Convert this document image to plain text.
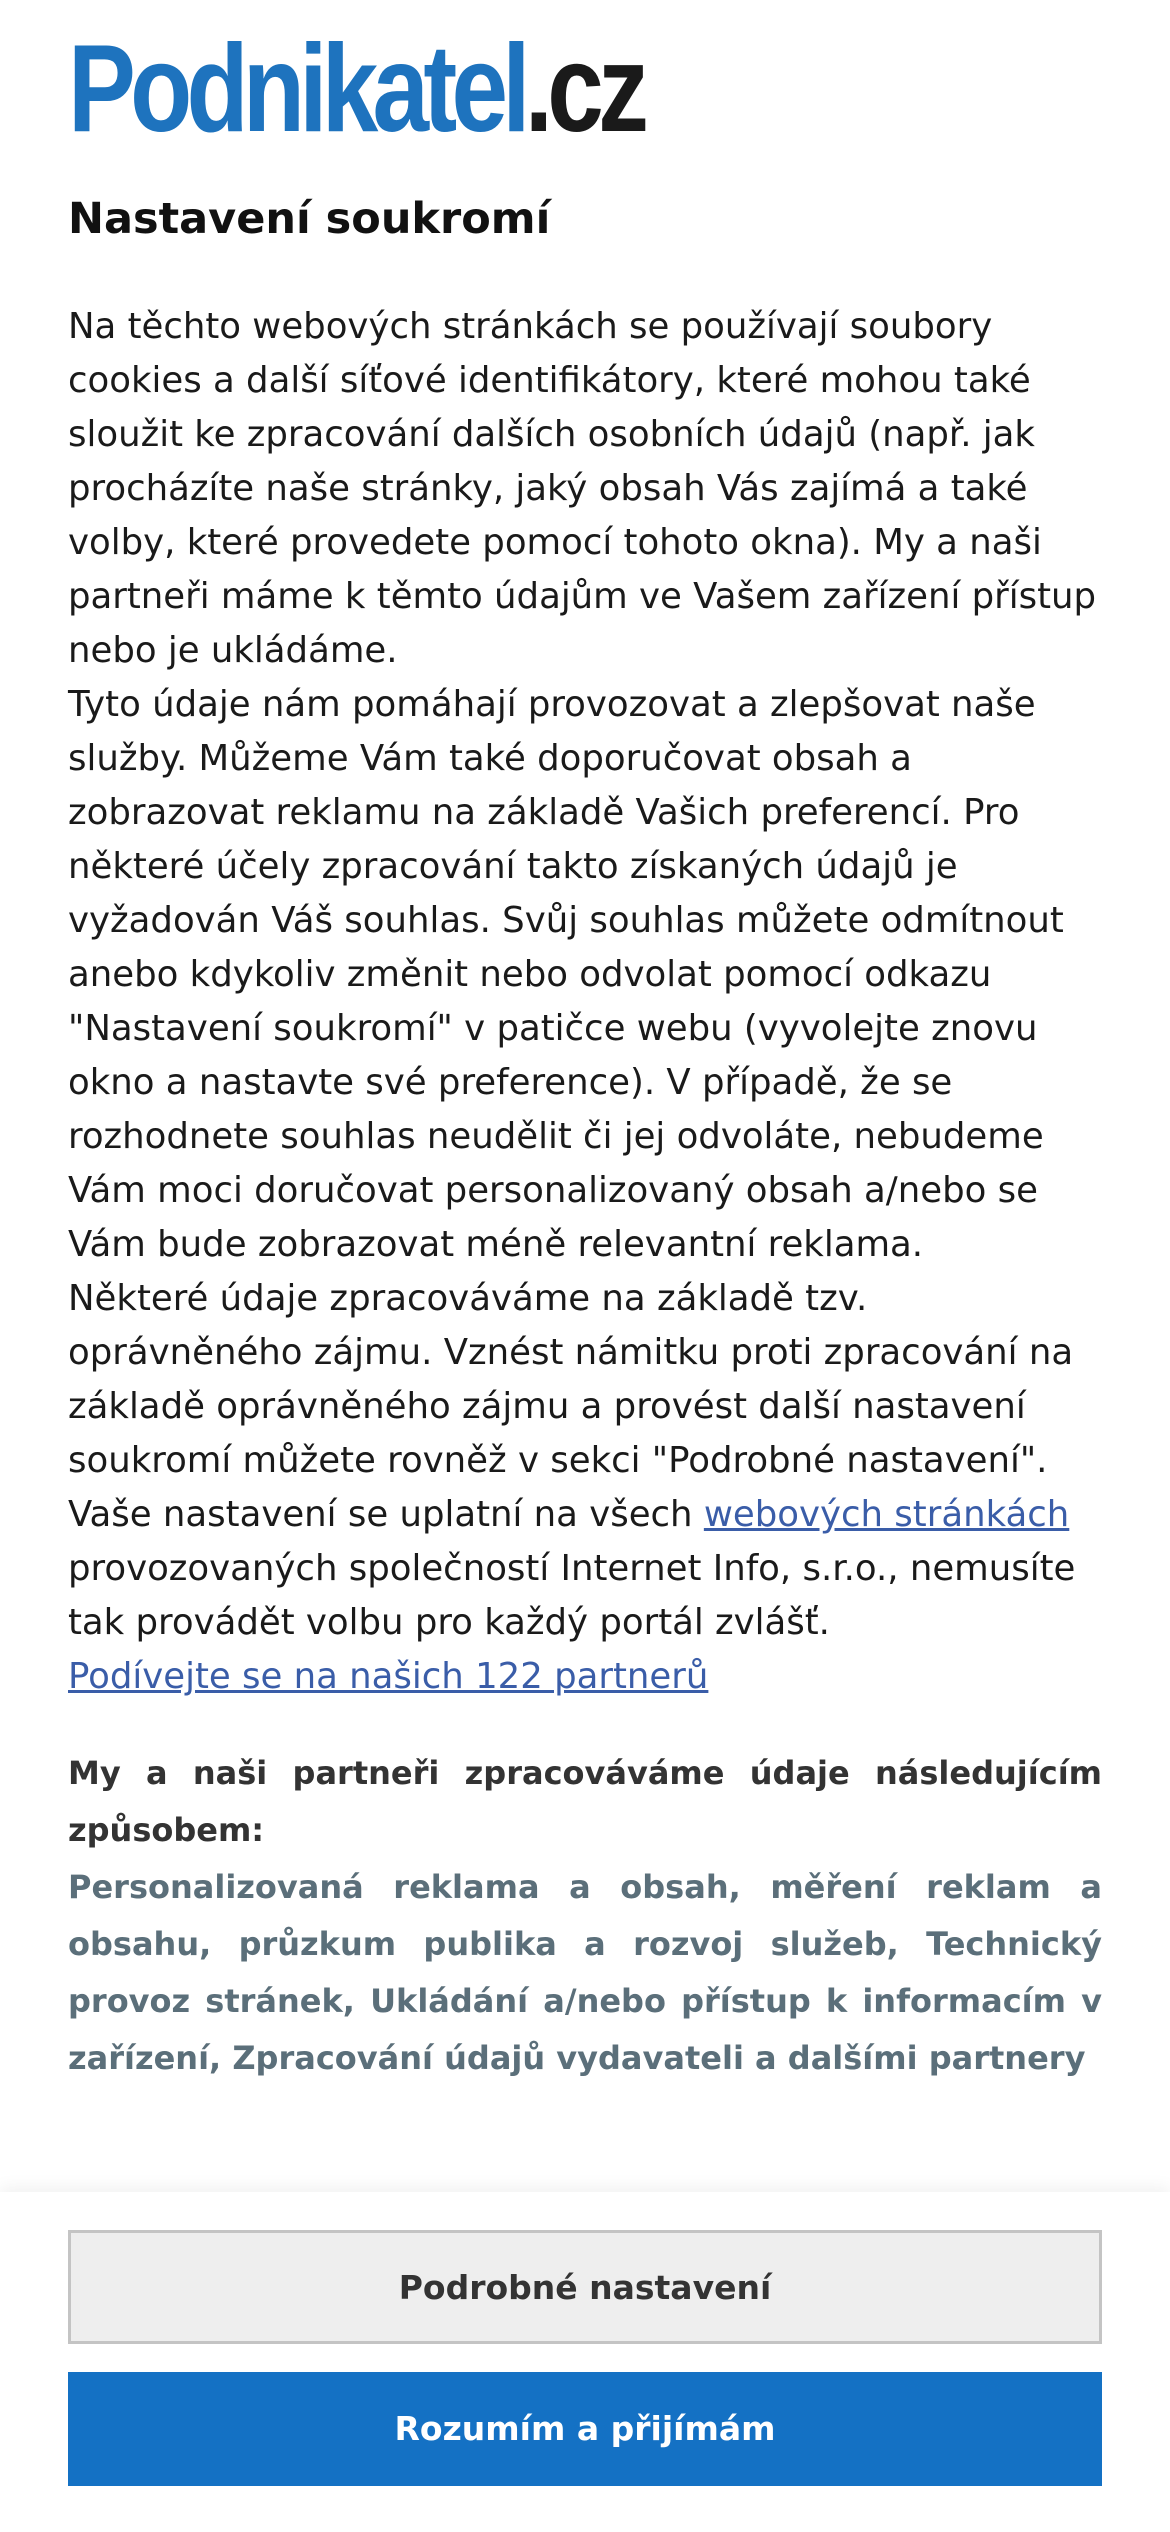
Podnikatel.cz
Nastavení soukromí

Na těchto webových stránkách se používají soubory cookies a další síťové identifikátory, které mohou také sloužit ke zpracování dalších osobních údajů (např. jak procházíte naše stránky, jaký obsah Vás zajímá a také volby, které provedete pomocí tohoto okna). My a naši partneři máme k těmto údajům ve Vašem zařízení přístup nebo je ukládáme.

Tyto údaje nám pomáhají provozovat a zlepšovat naše služby. Můžeme Vám také doporučovat obsah a zobrazovat reklamu na základě Vašich preferencí. Pro některé účely zpracování takto získaných údajů je vyžadován Váš souhlas. Svůj souhlas můžete odmítnout anebo kdykoliv změnit nebo odvolat pomocí odkazu "Nastavení soukromí" v patičce webu (vyvolejte znovu okno a nastavte své preference). V případě, že se rozhodnete souhlas neudělit či jej odvoláte, nebudeme Vám moci doručovat personalizovaný obsah a/nebo se Vám bude zobrazovat méně relevantní reklama.

Některé údaje zpracováváme na základě tzv. oprávněného zájmu. Vznést námitku proti zpracování na základě oprávněného zájmu a provést další nastavení soukromí můžete rovněž v sekci "Podrobné nastavení".

Vaše nastavení se uplatní na všech webových stránkách provozovaných společností Internet Info, s.r.o., nemusíte tak provádět volbu pro každý portál zvlášť.

Podívejte se na našich 122 partnerů

My a naši partneři zpracováváme údaje následujícím způsobem:
Personalizovaná reklama a obsah, měření reklam a obsahu, průzkum publika a rozvoj služeb, Technický provoz stránek, Ukládání a/nebo přístup k informacím v zařízení, Zpracování údajů vydavateli a dalšími partnery
Podrobné nastavení
Rozumím a přijímám
